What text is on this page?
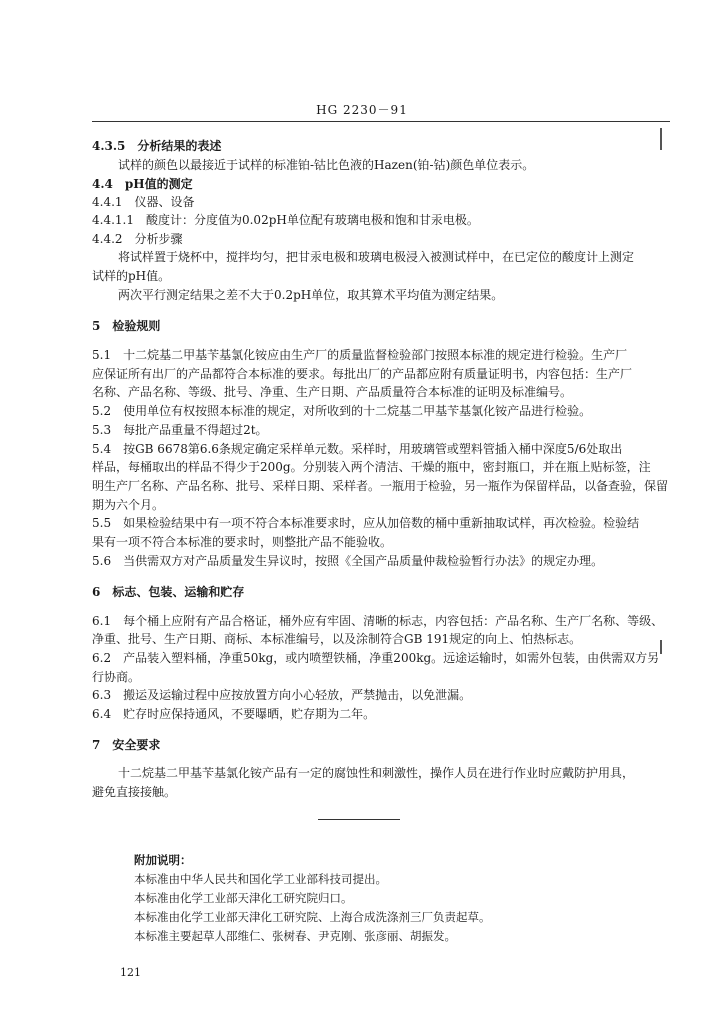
HG 2230－91
4.3.5　分析结果的表述
试样的颜色以最接近于试样的标准铂-钴比色液的Hazen(铂-钴)颜色单位表示。
4.4　pH值的测定
4.4.1　仪器、设备
4.4.1.1　酸度计：分度值为0.02pH单位配有玻璃电极和饱和甘汞电极。
4.4.2　分析步骤
将试样置于烧杯中，搅拌均匀，把甘汞电极和玻璃电极浸入被测试样中，在已定位的酸度计上测定
试样的pH值。
两次平行测定结果之差不大于0.2pH单位，取其算术平均值为测定结果。
5　检验规则
5.1　十二烷基二甲基苄基氯化铵应由生产厂的质量监督检验部门按照本标准的规定进行检验。生产厂
应保证所有出厂的产品都符合本标准的要求。每批出厂的产品都应附有质量证明书，内容包括：生产厂
名称、产品名称、等级、批号、净重、生产日期、产品质量符合本标准的证明及标准编号。
5.2　使用单位有权按照本标准的规定，对所收到的十二烷基二甲基苄基氯化铵产品进行检验。
5.3　每批产品重量不得超过2t。
5.4　按GB 6678第6.6条规定确定采样单元数。采样时，用玻璃管或塑料管插入桶中深度5/6处取出
样品，每桶取出的样品不得少于200g。分别装入两个清洁、干燥的瓶中，密封瓶口，并在瓶上贴标签，注
明生产厂名称、产品名称、批号、采样日期、采样者。一瓶用于检验，另一瓶作为保留样品，以备查验，保留
期为六个月。
5.5　如果检验结果中有一项不符合本标准要求时，应从加倍数的桶中重新抽取试样，再次检验。检验结
果有一项不符合本标准的要求时，则整批产品不能验收。
5.6　当供需双方对产品质量发生异议时，按照《全国产品质量仲裁检验暂行办法》的规定办理。
6　标志、包装、运输和贮存
6.1　每个桶上应附有产品合格证，桶外应有牢固、清晰的标志，内容包括：产品名称、生产厂名称、等级、
净重、批号、生产日期、商标、本标准编号，以及涂制符合GB 191规定的向上、怕热标志。
6.2　产品装入塑料桶，净重50kg，或内喷塑铁桶，净重200kg。远途运输时，如需外包装，由供需双方另
行协商。
6.3　搬运及运输过程中应按放置方向小心轻放，严禁抛击，以免泄漏。
6.4　贮存时应保持通风，不要曝晒，贮存期为二年。
7　安全要求
十二烷基二甲基苄基氯化铵产品有一定的腐蚀性和刺激性，操作人员在进行作业时应戴防护用具，
避免直接接触。
附加说明：
本标准由中华人民共和国化学工业部科技司提出。
本标准由化学工业部天津化工研究院归口。
本标准由化学工业部天津化工研究院、上海合成洗涤剂三厂负责起草。
本标准主要起草人邵维仁、张树春、尹克刚、张彦丽、胡振发。
121
